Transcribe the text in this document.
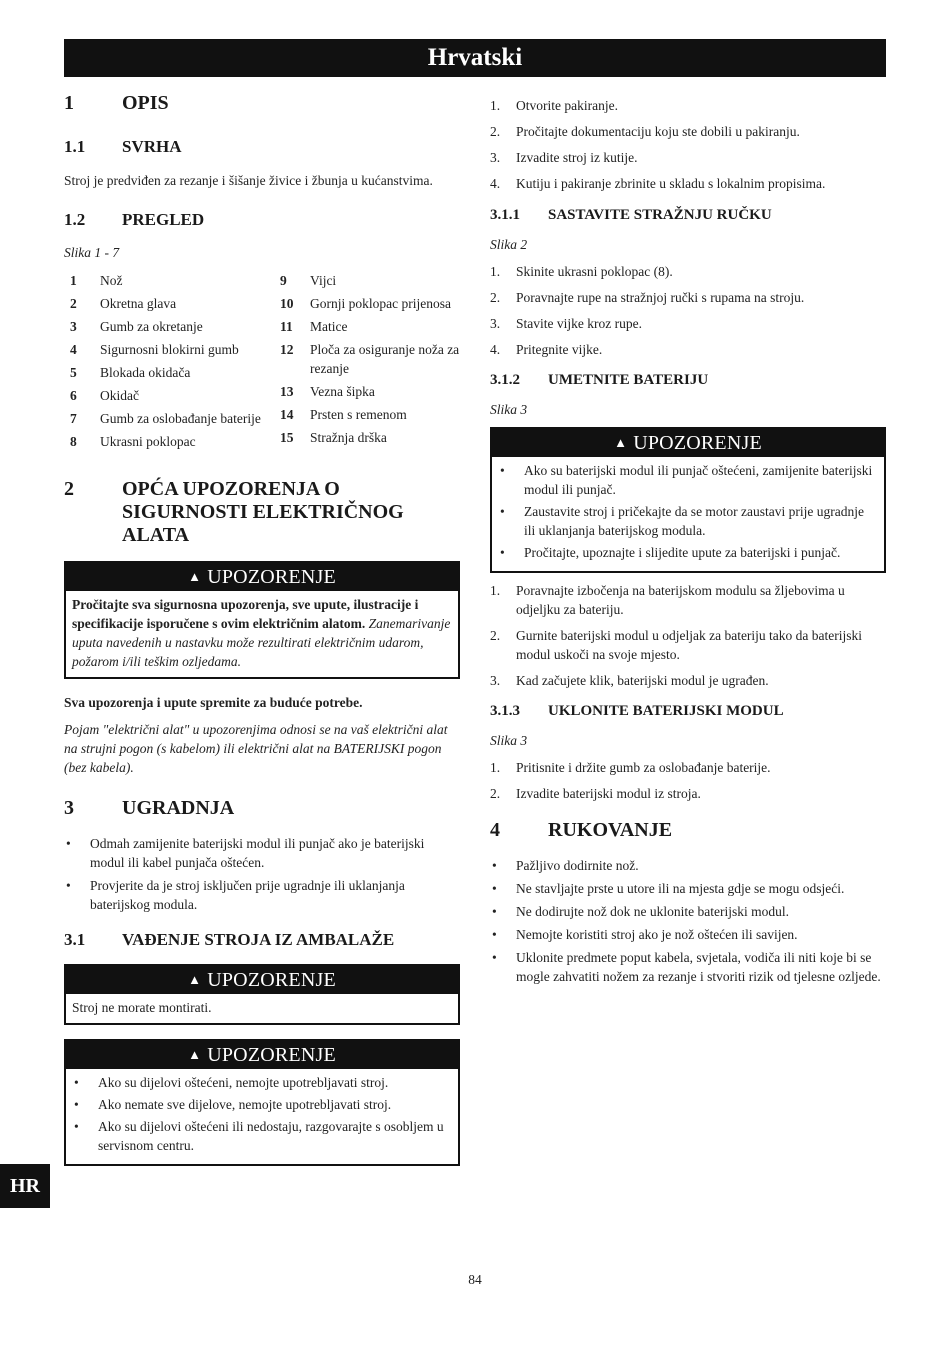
Hrvatski
1	OPIS
1.1	SVRHA

Stroj je predviđen za rezanje i šišanje živice i žbunja u kućanstvima.

1.2	PREGLED

Slika 1 - 7

1	Nož
2	Okretna glava
3	Gumb za okretanje
4	Sigurnosni blokirni gumb
5	Blokada okidača
6	Okidač
7	Gumb za oslobađanje baterije
8	Ukrasni poklopac
9	Vijci
10	Gornji poklopac prijenosa
11	Matice
12	Ploča za osiguranje noža za rezanje
13	Vezna šipka
14	Prsten s remenom
15	Stražnja drška
2	OPĆA UPOZORENJA O SIGURNOSTI ELEKTRIČNOG ALATA
▲ UPOZORENJE
Pročitajte sva sigurnosna upozorenja, sve upute, ilustracije i specifikacije isporučene s ovim električnim alatom. Zanemarivanje uputa navedenih u nastavku može rezultirati električnim udarom, požarom i/ili teškim ozljedama.

Sva upozorenja i upute spremite za buduće potrebe.

Pojam "električni alat" u upozorenjima odnosi se na vaš električni alat na strujni pogon (s kabelom) ili električni alat na BATERIJSKI pogon (bez kabela).

3	UGRADNJA
•	Odmah zamijenite baterijski modul ili punjač ako je baterijski modul ili kabel punjača oštećen.
•	Provjerite da je stroj isključen prije ugradnje ili uklanjanja baterijskog modula.
3.1	VAĐENJE STROJA IZ AMBALAŽE
▲ UPOZORENJE
Stroj ne morate montirati.
▲ UPOZORENJE
•	Ako su dijelovi oštećeni, nemojte upotrebljavati stroj.
•	Ako nemate sve dijelove, nemojte upotrebljavati stroj.
•	Ako su dijelovi oštećeni ili nedostaju, razgovarajte s osobljem u servisnom centru.
1.	Otvorite pakiranje.
2.	Pročitajte dokumentaciju koju ste dobili u pakiranju.
3.	Izvadite stroj iz kutije.
4.	Kutiju i pakiranje zbrinite u skladu s lokalnim propisima.
3.1.1	SASTAVITE STRAŽNJU RUČKU

Slika 2

1.	Skinite ukrasni poklopac (8).
2.	Poravnajte rupe na stražnjoj ručki s rupama na stroju.
3.	Stavite vijke kroz rupe.
4.	Pritegnite vijke.
3.1.2	UMETNITE BATERIJU

Slika 3

▲ UPOZORENJE
•	Ako su baterijski modul ili punjač oštećeni, zamijenite baterijski modul ili punjač.
•	Zaustavite stroj i pričekajte da se motor zaustavi prije ugradnje ili uklanjanja baterijskog modula.
•	Pročitajte, upoznajte i slijedite upute za baterijski i punjač.
1.	Poravnajte izbočenja na baterijskom modulu sa žljebovima u odjeljku za bateriju.
2.	Gurnite baterijski modul u odjeljak za bateriju tako da baterijski modul uskoči na svoje mjesto.
3.	Kad začujete klik, baterijski modul je ugrađen.
3.1.3	UKLONITE BATERIJSKI MODUL

Slika 3

1.	Pritisnite i držite gumb za oslobađanje baterije.
2.	Izvadite baterijski modul iz stroja.
4	RUKOVANJE
•	Pažljivo dodirnite nož.
•	Ne stavljajte prste u utore ili na mjesta gdje se mogu odsjeći.
•	Ne dodirujte nož dok ne uklonite baterijski modul.
•	Nemojte koristiti stroj ako je nož oštećen ili savijen.
•	Uklonite predmete poput kabela, svjetala, vodiča ili niti koje bi se mogle zahvatiti nožem za rezanje i stvoriti rizik od tjelesne ozljede.
HR
84
